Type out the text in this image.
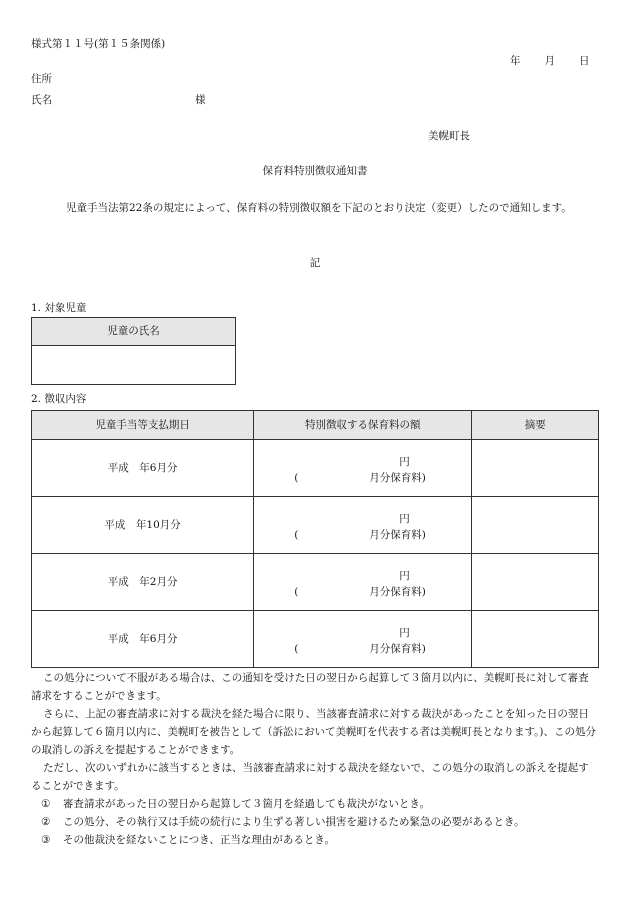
様式第１１号(第１５条関係)
年 月 日
住所
氏名	様
美幌町長
保育料特別徴収通知書
児童手当法第22条の規定によって、保育料の特別徴収額を下記のとおり決定（変更）したので通知します。
記
1. 対象児童
児童の氏名

2. 徴収内容
児童手当等支払期日	特別徴収する保育料の額	摘要
平成　年6月分	円
( 月分保育料)	

平成　年10月分	円
( 月分保育料)	

平成　年2月分	円
( 月分保育料)	

平成　年6月分	円
( 月分保育料)	

この処分について不服がある場合は、この通知を受けた日の翌日から起算して３箇月以内に、美幌町長に対して審査請求をすることができます。

さらに、上記の審査請求に対する裁決を経た場合に限り、当該審査請求に対する裁決があったことを知った日の翌日から起算して６箇月以内に、美幌町を被告として（訴訟において美幌町を代表する者は美幌町長となります。)、この処分の取消しの訴えを提起することができます。

ただし、次のいずれかに該当するときは、当該審査請求に対する裁決を経ないで、この処分の取消しの訴えを提起することができます。

① 審査請求があった日の翌日から起算して３箇月を経過しても裁決がないとき。

② この処分、その執行又は手続の続行により生ずる著しい損害を避けるため緊急の必要があるとき。

③ その他裁決を経ないことにつき、正当な理由があるとき。
